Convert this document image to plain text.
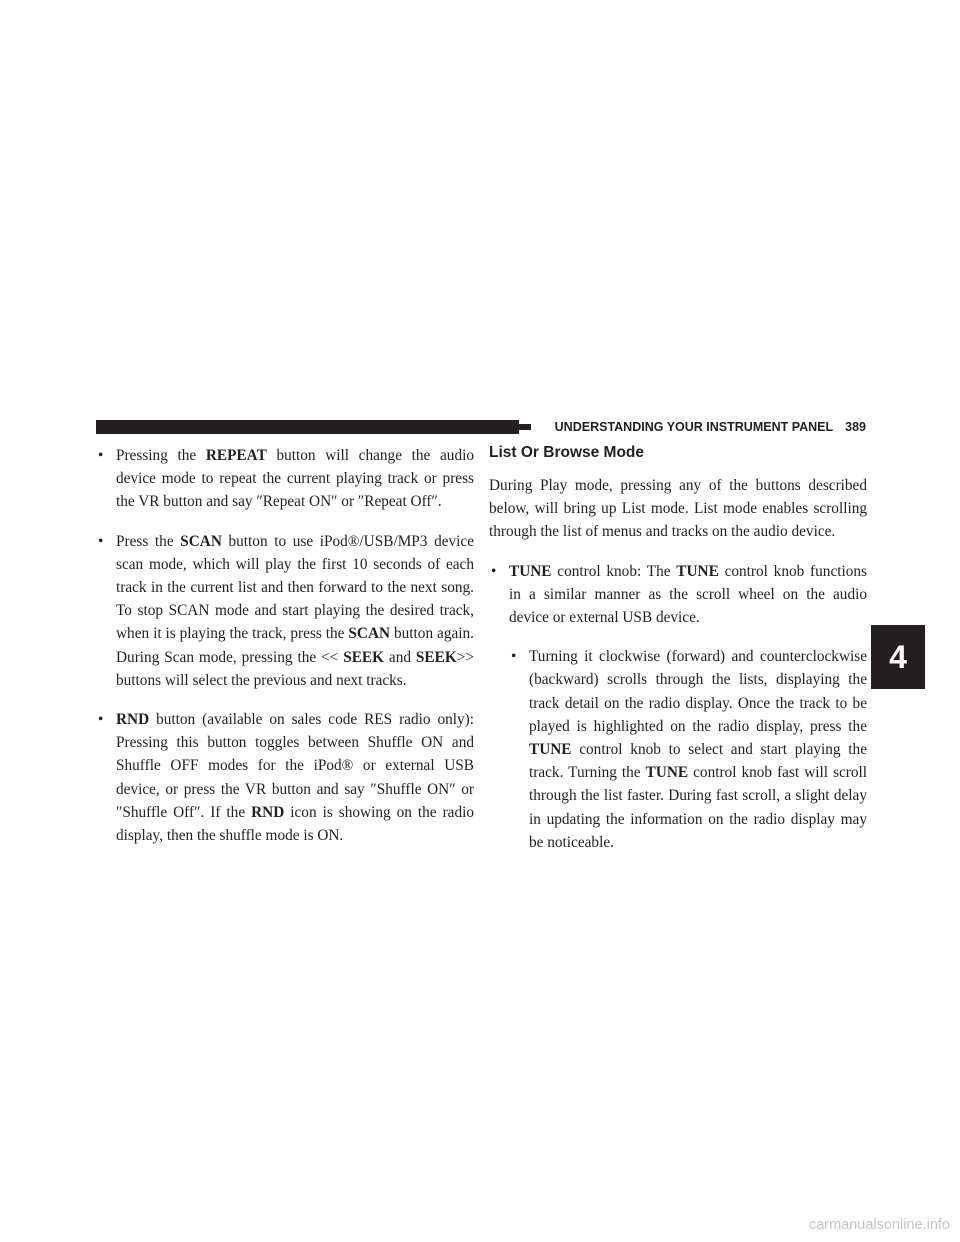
UNDERSTANDING YOUR INSTRUMENT PANEL 389
• Pressing the REPEAT button will change the audio device mode to repeat the current playing track or press the VR button and say ″Repeat ON″ or ″Repeat Off″.
• Press the SCAN button to use iPod®/USB/MP3 device scan mode, which will play the first 10 seconds of each track in the current list and then forward to the next song. To stop SCAN mode and start playing the desired track, when it is playing the track, press the SCAN button again. During Scan mode, pressing the << SEEK and SEEK>> buttons will select the previous and next tracks.
• RND button (available on sales code RES radio only): Pressing this button toggles between Shuffle ON and Shuffle OFF modes for the iPod® or external USB device, or press the VR button and say ″Shuffle ON″ or ″Shuffle Off″. If the RND icon is showing on the radio display, then the shuffle mode is ON.
List Or Browse Mode

During Play mode, pressing any of the buttons described below, will bring up List mode. List mode enables scrolling through the list of menus and tracks on the audio device.

• TUNE control knob: The TUNE control knob functions in a similar manner as the scroll wheel on the audio device or external USB device.
• Turning it clockwise (forward) and counterclockwise (backward) scrolls through the lists, displaying the track detail on the radio display. Once the track to be played is highlighted on the radio display, press the TUNE control knob to select and start playing the track. Turning the TUNE control knob fast will scroll through the list faster. During fast scroll, a slight delay in updating the information on the radio display may be noticeable.
4
carmanualsonline.info
